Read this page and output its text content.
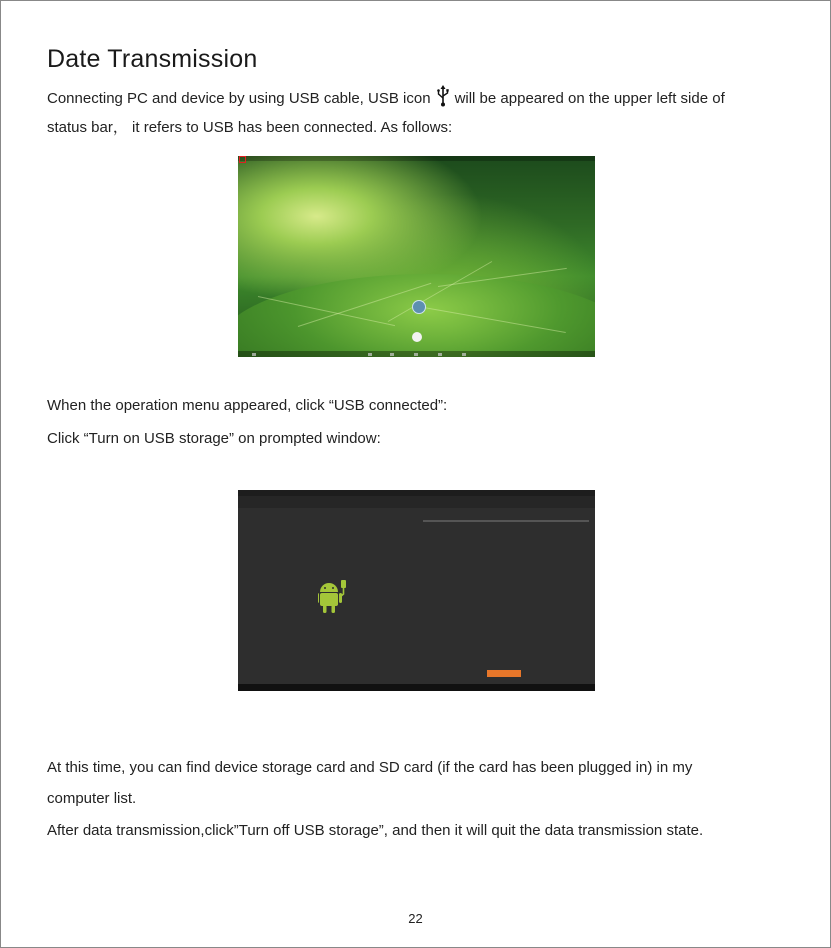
Date Transmission
Connecting PC and device by using USB cable, USB icon will be appeared on the upper left side of
status bar， it refers to USB has been connected. As follows:
When the operation menu appeared, click “USB connected”:
Click “Turn on USB storage” on prompted window:
At this time, you can find device storage card and SD card (if the card has been plugged in) in my
computer list.
After data transmission,click”Turn off USB storage”, and then it will quit the data transmission state.
22
